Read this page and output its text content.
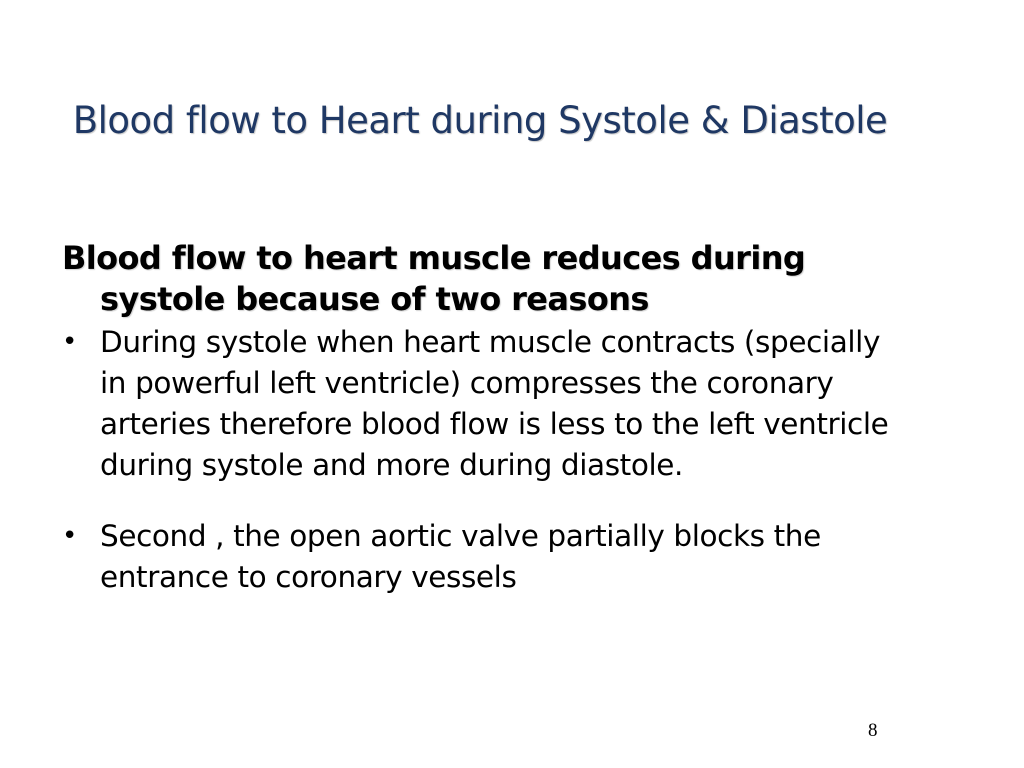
Blood flow to Heart during Systole & Diastole

Blood flow to heart muscle reduces during systole because of two reasons

• During systole when heart muscle contracts (specially in powerful left ventricle) compresses the coronary arteries therefore blood flow is less to the left ventricle during systole and more during diastole.

• Second , the open aortic valve partially blocks the entrance to coronary vessels

8
